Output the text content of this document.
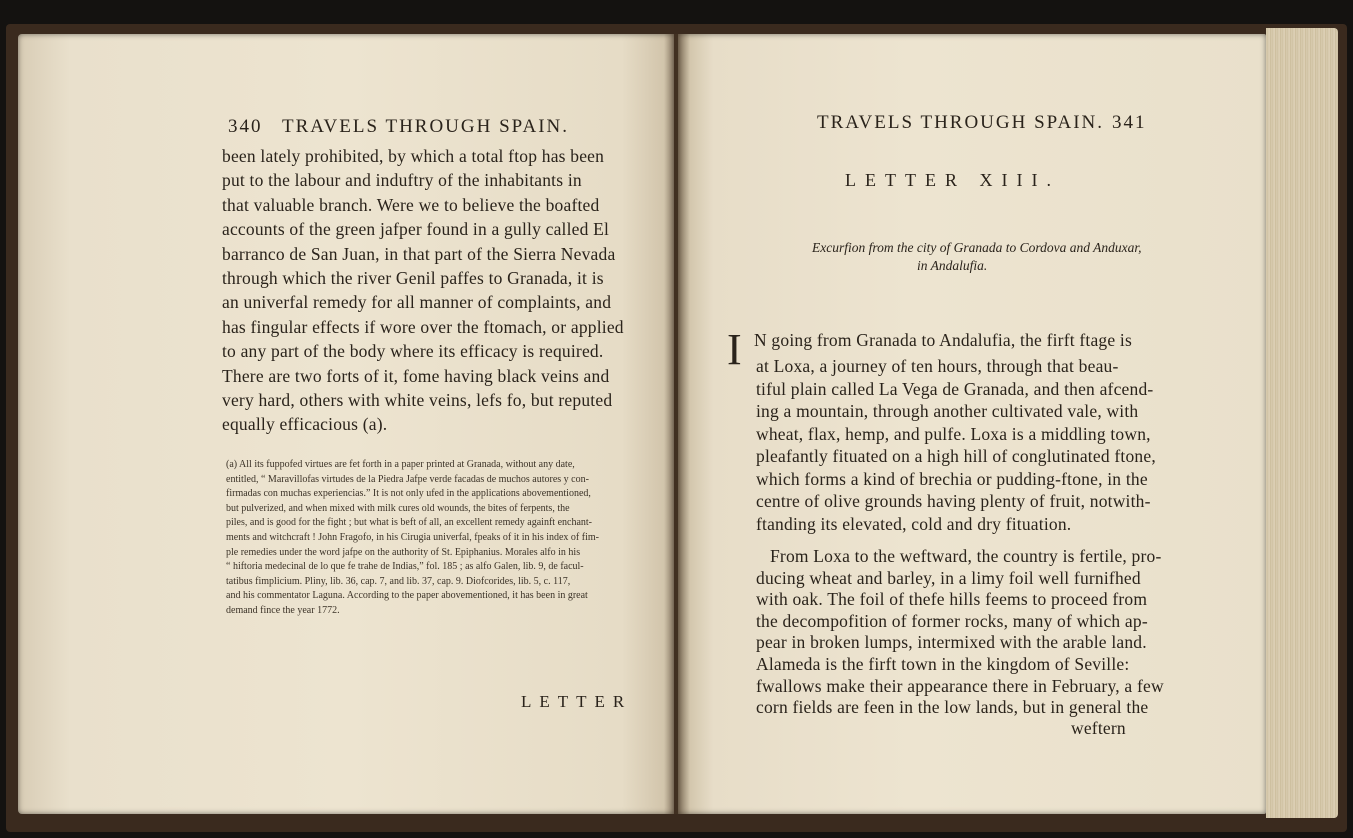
340 TRAVELS THROUGH SPAIN.
been lately prohibited, by which a total ftop has been
put to the labour and induftry of the inhabitants in
that valuable branch. Were we to believe the boafted
accounts of the green jafper found in a gully called El
barranco de San Juan, in that part of the Sierra Nevada
through which the river Genil paffes to Granada, it is
an univerfal remedy for all manner of complaints, and
has fingular effects if wore over the ftomach, or applied
to any part of the body where its efficacy is required.
There are two forts of it, fome having black veins and
very hard, others with white veins, lefs fo, but reputed
equally efficacious (a).
(a) All its fuppofed virtues are fet forth in a paper printed at Granada, without any date,
entitled, “ Maravillofas virtudes de la Piedra Jafpe verde facadas de muchos autores y con-
firmadas con muchas experiencias.” It is not only ufed in the applications abovementioned,
but pulverized, and when mixed with milk cures old wounds, the bites of ferpents, the
piles, and is good for the fight ; but what is beft of all, an excellent remedy againft enchant-
ments and witchcraft ! John Fragofo, in his Cirugia univerfal, fpeaks of it in his index of fim-
ple remedies under the word jafpe on the authority of St. Epiphanius. Morales alfo in his
“ hiftoria medecinal de lo que fe trahe de Indias,” fol. 185 ; as alfo Galen, lib. 9, de facul-
tatibus fimplicium. Pliny, lib. 36, cap. 7, and lib. 37, cap. 9. Diofcorides, lib. 5, c. 117,
and his commentator Laguna. According to the paper abovementioned, it has been in great
demand fince the year 1772.
LETTER
TRAVELS THROUGH SPAIN. 341
LETTER XIII.
Excurfion from the city of Granada to Cordova and Anduxar,
in Andalufia.
I N going from Granada to Andalufia, the firft ftage is
at Loxa, a journey of ten hours, through that beau-
tiful plain called La Vega de Granada, and then afcend-
ing a mountain, through another cultivated vale, with
wheat, flax, hemp, and pulfe. Loxa is a middling town,
pleafantly fituated on a high hill of conglutinated ftone,
which forms a kind of brechia or pudding-ftone, in the
centre of olive grounds having plenty of fruit, notwith-
ftanding its elevated, cold and dry fituation.
From Loxa to the weftward, the country is fertile, pro-
ducing wheat and barley, in a limy foil well furnifhed
with oak. The foil of thefe hills feems to proceed from
the decompofition of former rocks, many of which ap-
pear in broken lumps, intermixed with the arable land.
Alameda is the firft town in the kingdom of Seville:
fwallows make their appearance there in February, a few
corn fields are feen in the low lands, but in general the
weftern
